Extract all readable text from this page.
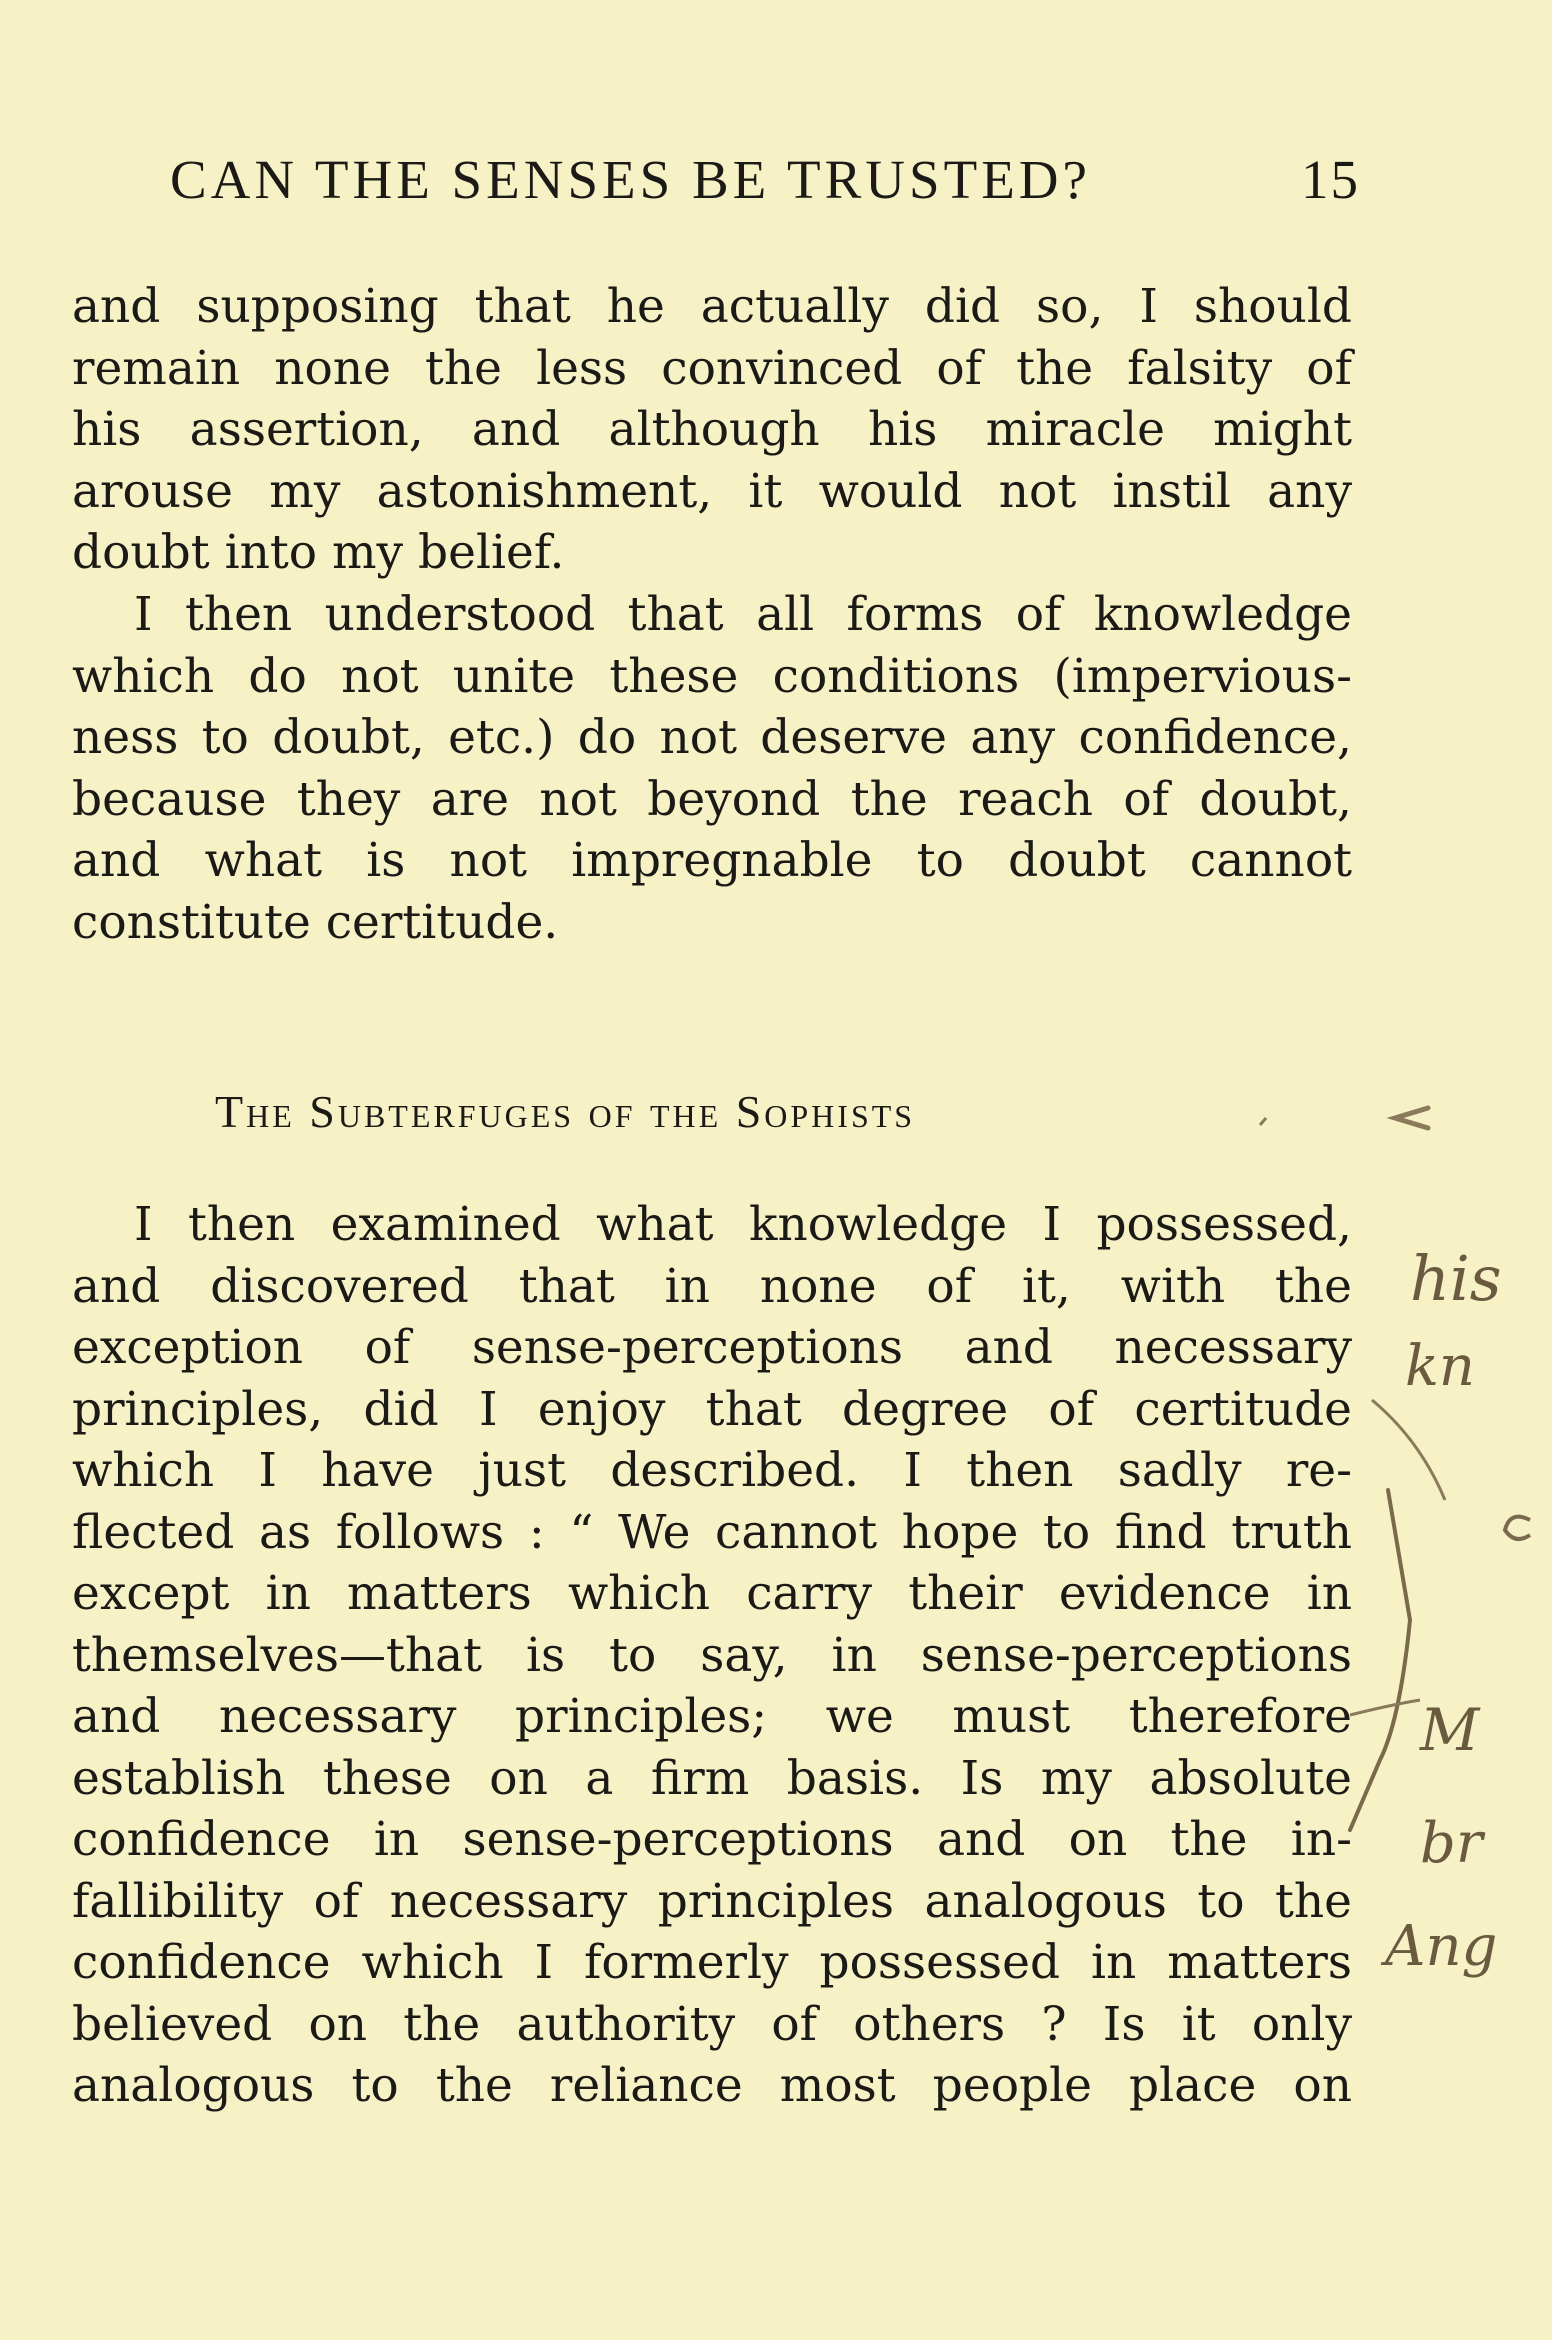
CAN THE SENSES BE TRUSTED?	15
and supposing that he actually did so, I should
remain none the less convinced of the falsity of
his assertion, and although his miracle might
arouse my astonishment, it would not instil any
doubt into my belief.
I then understood that all forms of knowledge
which do not unite these conditions (impervious-
ness to doubt, etc.) do not deserve any confidence,
because they are not beyond the reach of doubt,
and what is not impregnable to doubt cannot
constitute certitude.
The Subterfuges of the Sophists
I then examined what knowledge I possessed,
and discovered that in none of it, with the
exception of sense-perceptions and necessary
principles, did I enjoy that degree of certitude
which I have just described. I then sadly re-
flected as follows : “ We cannot hope to find truth
except in matters which carry their evidence in
themselves—that is to say, in sense-perceptions
and necessary principles; we must therefore
establish these on a firm basis. Is my absolute
confidence in sense-perceptions and on the in-
fallibility of necessary principles analogous to the
confidence which I formerly possessed in matters
believed on the authority of others ? Is it only
analogous to the reliance most people place on
his
kn
M
br
Ang
